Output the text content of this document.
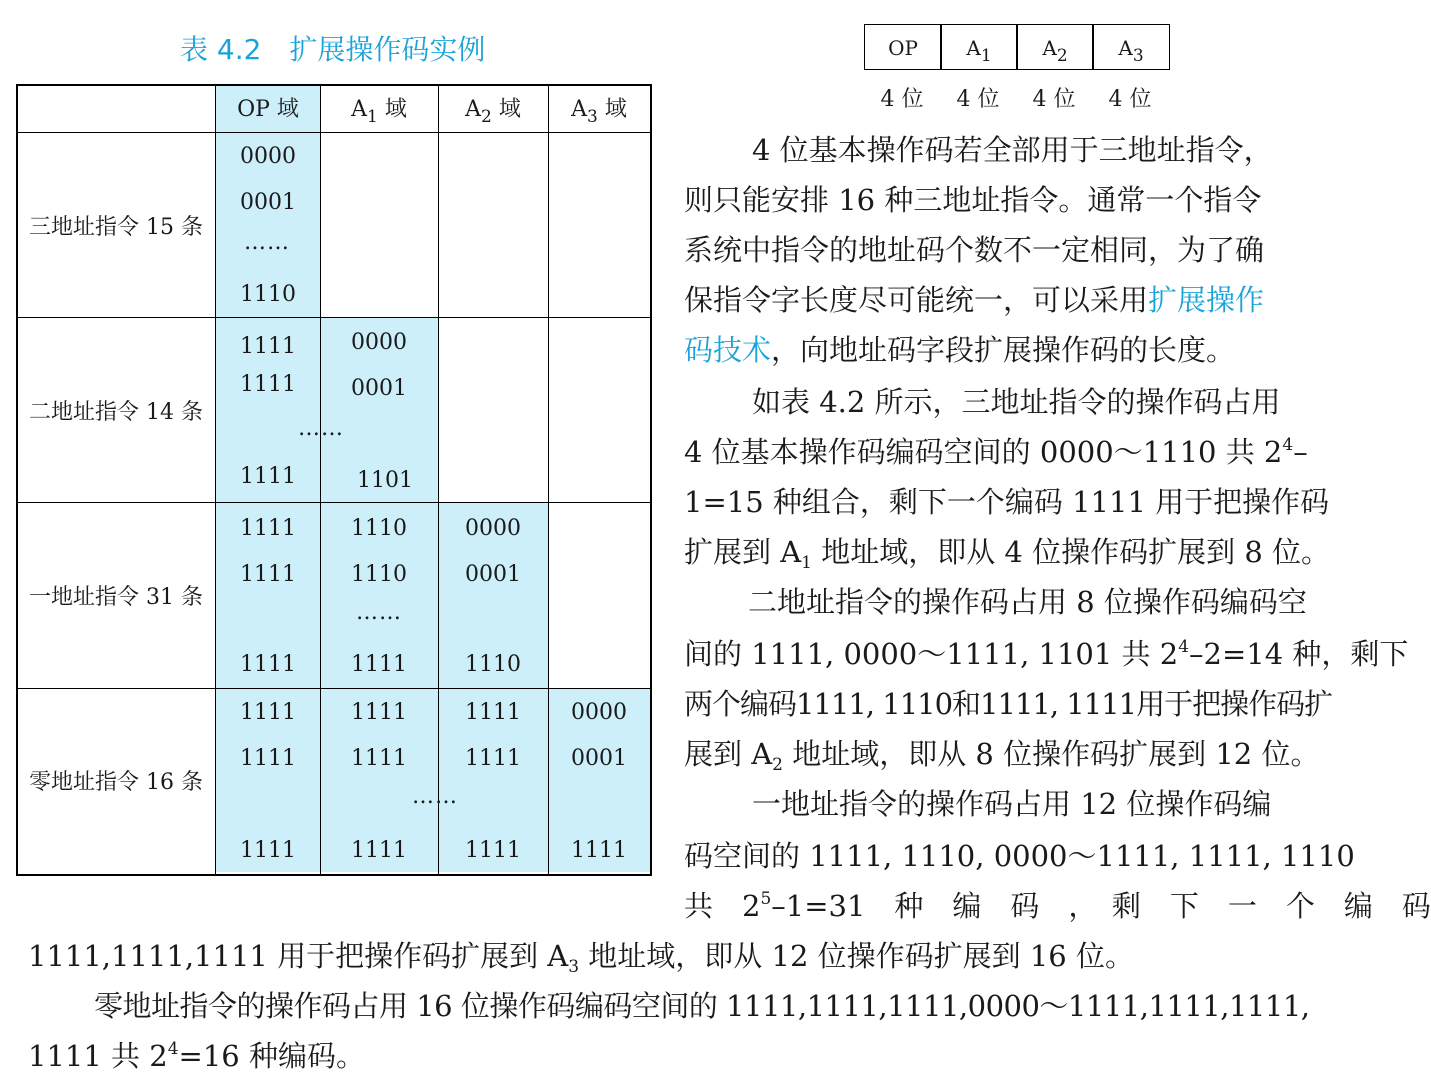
表 4.2　扩展操作码实例
OP 域	$A_1$ 域	$A_2$ 域	$A_3$ 域
三地址指令 15 条
0000
0001
……
1110
二地址指令 14 条
1111	0000
1111	0001
……
1111	1101
一地址指令 31 条
1111	1110	0000
1111	1110	0001
……
1111	1111	1110
零地址指令 16 条
1111	1111	1111	0000
1111	1111	1111	0001
……
1111	1111	1111	1111
OP	$A_1$	$A_2$	$A_3$
4 位	4 位	4 位	4 位
4 位基本操作码若全部用于三地址指令，
则只能安排 16 种三地址指令。通常一个指令
系统中指令的地址码个数不一定相同，为了确
保指令字长度尽可能统一，可以采用扩展操作
码技术，向地址码字段扩展操作码的长度。
如表 4.2 所示，三地址指令的操作码占用
4 位基本操作码编码空间的 0000～1110 共 $2^4-$
1=15 种组合，剩下一个编码 1111 用于把操作码
扩展到 $A_1$ 地址域，即从 4 位操作码扩展到 8 位。
二地址指令的操作码占用 8 位操作码编码空
间的 1111, 0000～1111, 1101 共 $2^4-2=14$ 种，剩下
两个编码1111, 1110和1111, 1111用于把操作码扩
展到 $A_2$ 地址域，即从 8 位操作码扩展到 12 位。
一地址指令的操作码占用 12 位操作码编
码空间的 1111, 1110, 0000～1111, 1111, 1110
共　$2^5-1=31$　种　编　码　，　剩　下　一　个　编　码
1111,1111,1111 用于把操作码扩展到 $A_3$ 地址域，即从 12 位操作码扩展到 16 位。
零地址指令的操作码占用 16 位操作码编码空间的 1111,1111,1111,0000～1111,1111,1111,
1111 共 $2^4=16$ 种编码。
